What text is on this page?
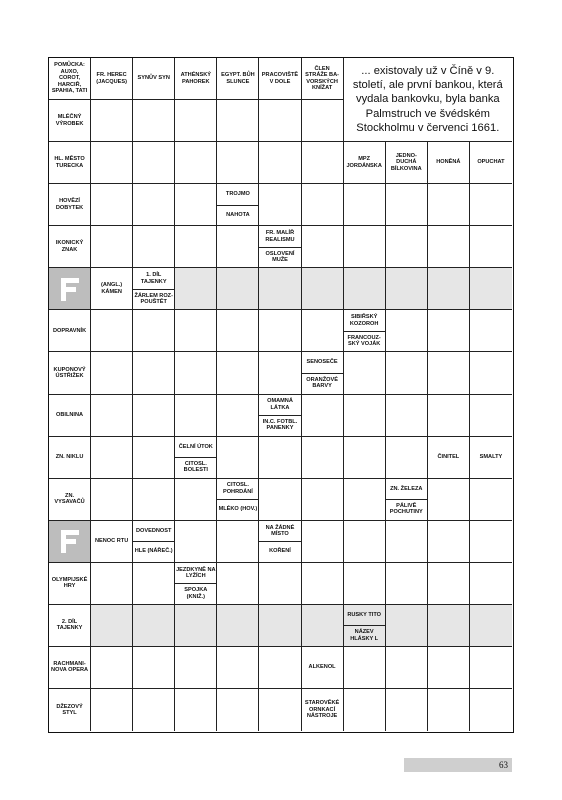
POMŮCKA: AUXO, COROT, HARCIŘ, SPAHIA, TATI
FR. HEREC (JACQUES)
SYNŮV SYN
ATHÉNSKÝ PAHOREK
EGYPT. BŮH SLUNCE
PRACOVIŠTĚ V DOLE
ČLEN STRÁŽE BA- VORSKÝCH KNÍŽAT
MLÉČNÝ VÝROBEK
HL. MĚSTO TURECKA
MPZ JORDÁNSKA
JEDNO- DUCHÁ BÍLKOVINA
HONĚNÁ	OPUCHAT
HOVĚZÍ DOBYTEK
TROJMO
NAHOTA
IKONICKÝ ZNAK
FR. MALÍŘ REALISMU
OSLOVENÍ MUŽE
(ANGL.) KÁMEN
1. DÍL TAJENKY
ŽÁRLEM ROZ- POUŠTĚT
DOPRAVNÍK
SIBIŘSKÝ KOZOROH
FRANCOUZ- SKÝ VOJÁK
KUPONOVÝ ÚSTŘIŽEK
SENOSEČE
ORANŽOVÉ BARVY
OBILNINA
OMAMNÁ LÁTKA
IN.C. FOTBL. PANENKY
ZN. NIKLU
ČELNÍ ÚTOK
CITOSL. BOLESTI
ČINITEL	SMALTY
ZN. VYSAVAČŮ
CITOSL. POHRDÁNÍ
MLÉKO (HOV.)
ZN. ŽELEZA
PÁLIVĚ POCHUTINY
NENOC RTU
DOVEDNOST
HLE (NÁŘEČ.)
NA ŽÁDNÉ MÍSTO
KOŘENÍ
OLYMPIJSKÉ HRY
JEZDKYNĚ NA LYŽÍCH
SPOJKA (KNIŽ.)
2. DÍL TAJENKY
RUSKY TITO
NÁZEV HLÁSKY L
RACHMANI- NOVA OPERA
ALKENOL
DŽEZOVÝ STYL
STAROVĚKÉ ORNKACÍ NÁSTROJE
... existovaly už v Číně v 9. století, ale první bankou, která vydala bankovku, byla banka Palmstruch ve švédském Stockholmu v červenci 1661.
63
